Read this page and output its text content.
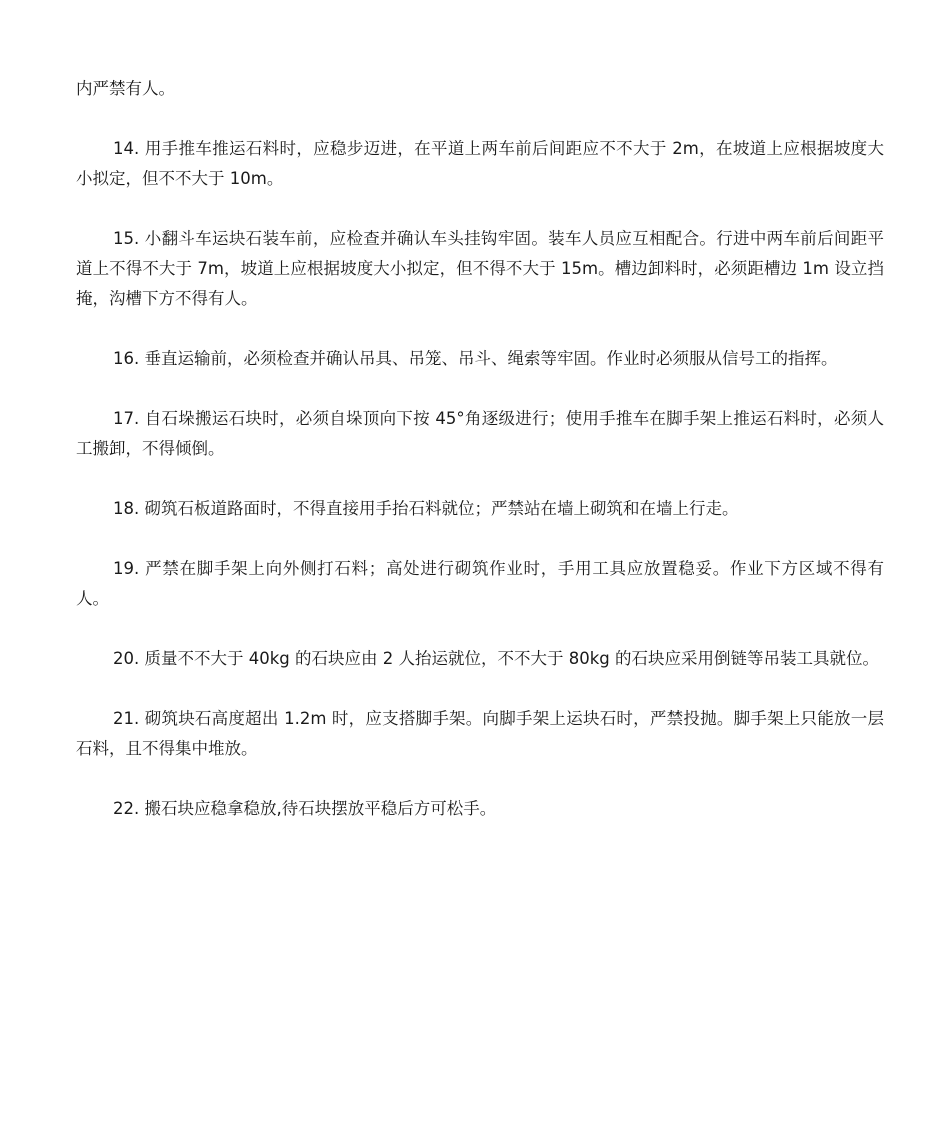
内严禁有人。

14. 用手推车推运石料时，应稳步迈进，在平道上两车前后间距应不不大于 2m，在坡道上应根据坡度大小拟定，但不不大于 10m。

15. 小翻斗车运块石装车前，应检查并确认车头挂钩牢固。装车人员应互相配合。行进中两车前后间距平道上不得不大于 7m，坡道上应根据坡度大小拟定，但不得不大于 15m。槽边卸料时，必须距槽边 1m 设立挡掩，沟槽下方不得有人。

16. 垂直运输前，必须检查并确认吊具、吊笼、吊斗、绳索等牢固。作业时必须服从信号工的指挥。

17. 自石垛搬运石块时，必须自垛顶向下按 45°角逐级进行；使用手推车在脚手架上推运石料时，必须人工搬卸，不得倾倒。

18. 砌筑石板道路面时，不得直接用手抬石料就位；严禁站在墙上砌筑和在墙上行走。

19. 严禁在脚手架上向外侧打石料；高处进行砌筑作业时，手用工具应放置稳妥。作业下方区域不得有人。

20. 质量不不大于 40kg 的石块应由 2 人抬运就位，不不大于 80kg 的石块应采用倒链等吊装工具就位。

21. 砌筑块石高度超出 1.2m 时，应支搭脚手架。向脚手架上运块石时，严禁投抛。脚手架上只能放一层石料，且不得集中堆放。

22. 搬石块应稳拿稳放,待石块摆放平稳后方可松手。
